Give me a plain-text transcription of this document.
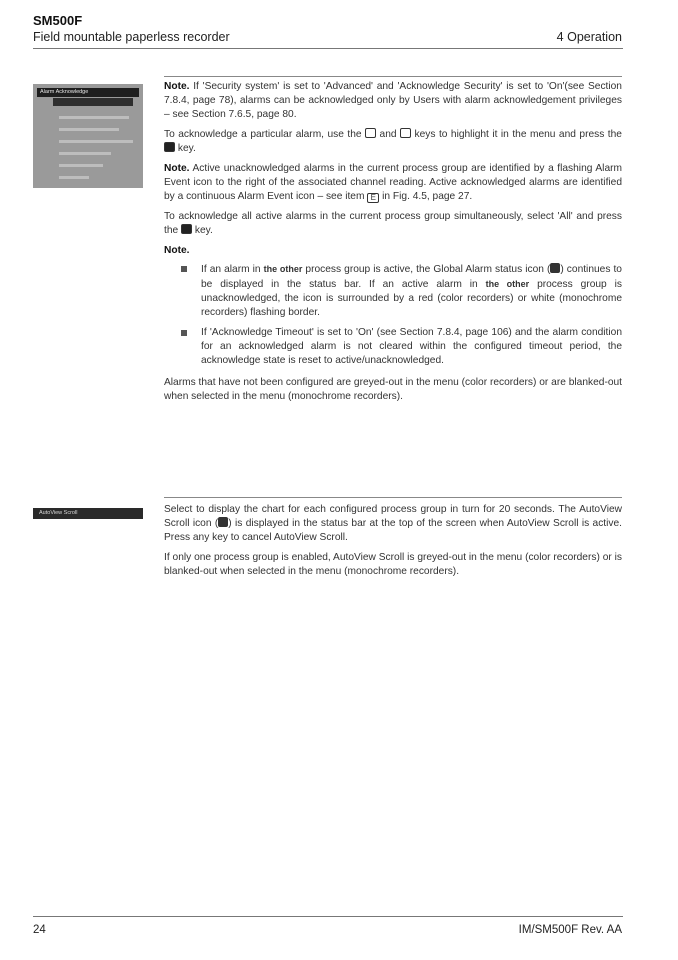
SM500F
Field mountable paperless recorder	4 Operation
Alarm Acknowledge	Note. If 'Security system' is set to 'Advanced' and 'Acknowledge Security' is set to 'On'(see Section 7.8.4, page 78), alarms can be acknowledged only by Users with alarm acknowledgement privileges – see Section 7.6.5, page 80.

To acknowledge a particular alarm, use the and keys to highlight it in the menu and press the  key.

Note. Active unacknowledged alarms in the current process group are identified by a flashing Alarm Event icon to the right of the associated channel reading. Active acknowledged alarms are identified by a continuous Alarm Event icon – see item E in Fig. 4.5, page 27.

To acknowledge all active alarms in the current process group simultaneously, select 'All' and press the key.

Note.

If an alarm in the other process group is active, the Global Alarm status icon ( ) continues to be displayed in the status bar. If an active alarm in the other process group is unacknowledged, the icon is surrounded by a red (color recorders) or white (monochrome recorders) flashing border.
If 'Acknowledge Timeout' is set to 'On' (see Section 7.8.4, page 106) and the alarm condition for an acknowledged alarm is not cleared within the configured timeout period, the acknowledge state is reset to active/unacknowledged.

Alarms that have not been configured are greyed-out in the menu (color recorders) or are blanked-out when selected in the menu (monochrome recorders).

AutoView Scroll	Select to display the chart for each configured process group in turn for 20 seconds. The AutoView Scroll icon ( ) is displayed in the status bar at the top of the screen when AutoView Scroll is active. Press any key to cancel AutoView Scroll.

If only one process group is enabled, AutoView Scroll is greyed-out in the menu (color recorders) or is blanked-out when selected in the menu (monochrome recorders).

24	IM/SM500F Rev. AA
